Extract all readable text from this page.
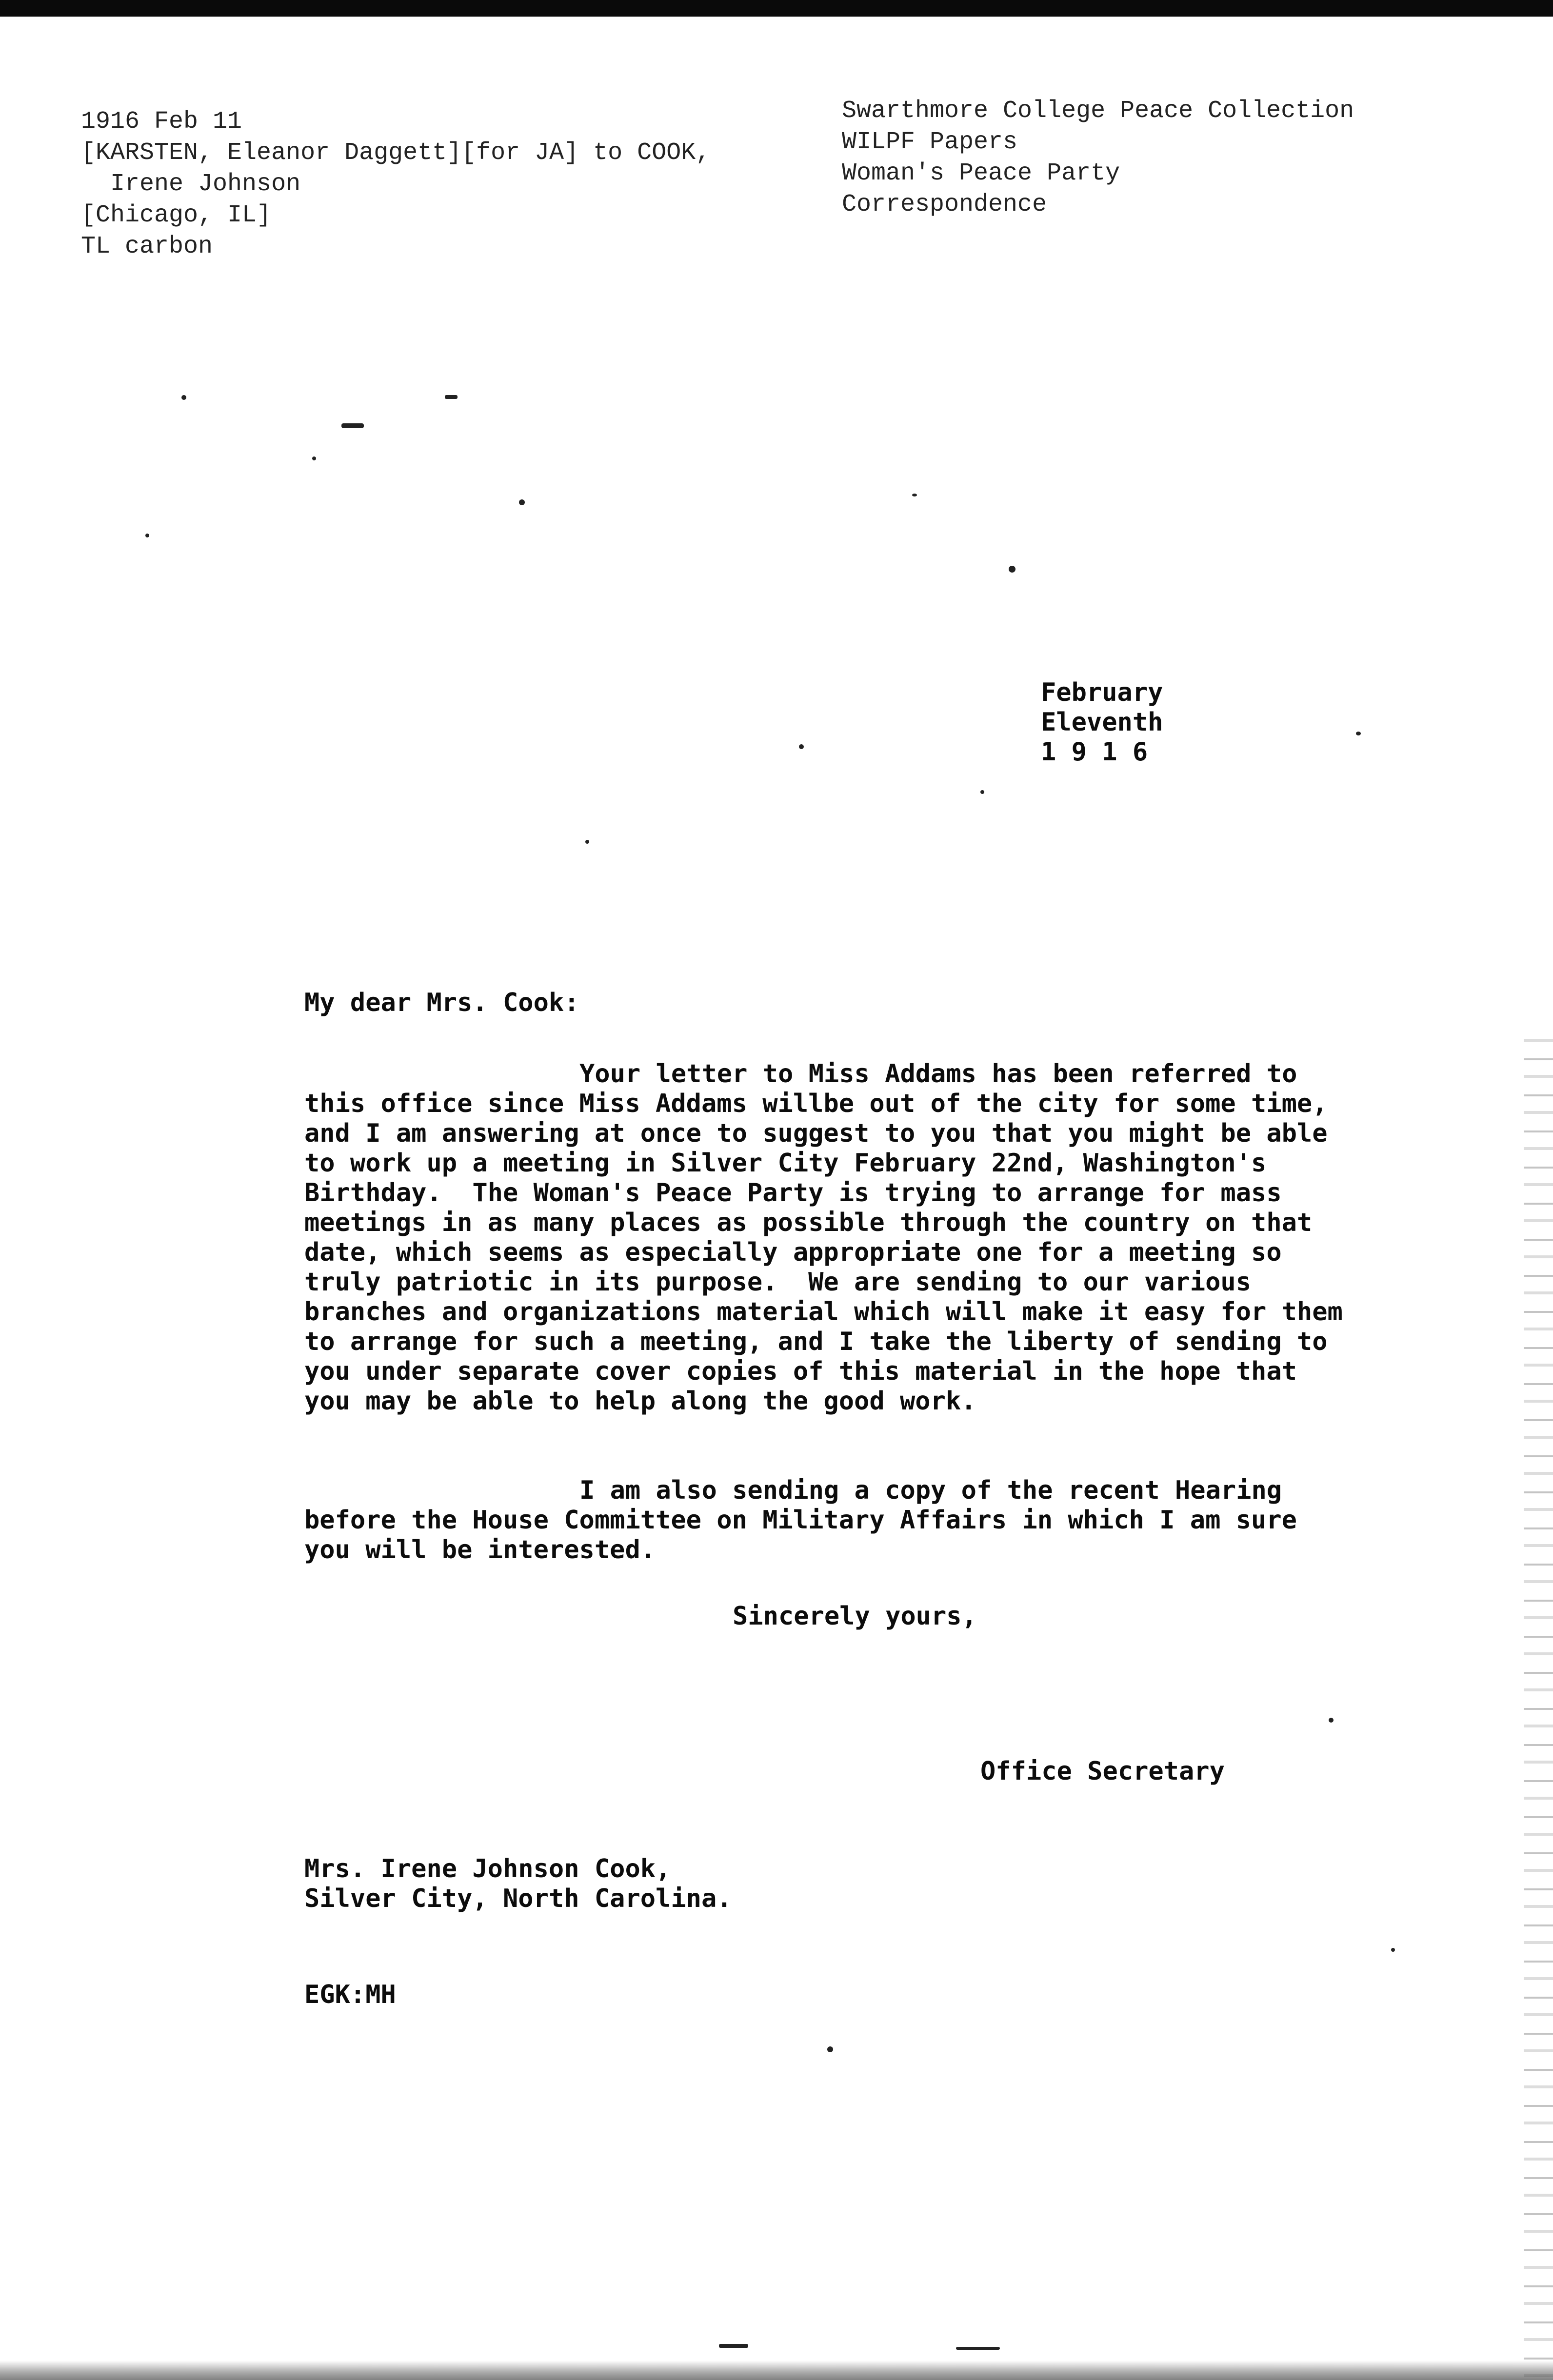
1916 Feb 11
[KARSTEN, Eleanor Daggett][for JA] to COOK,
Irene Johnson
[Chicago, IL]
TL carbon
Swarthmore College Peace Collection
WILPF Papers
Woman's Peace Party
Correspondence
February
Eleventh
1 9 1 6
My dear Mrs. Cook:
Your letter to Miss Addams has been referred to
this office since Miss Addams willbe out of the city for some time,
and I am answering at once to suggest to you that you might be able
to work up a meeting in Silver City February 22nd, Washington's
Birthday.  The Woman's Peace Party is trying to arrange for mass
meetings in as many places as possible through the country on that
date, which seems as especially appropriate one for a meeting so
truly patriotic in its purpose.  We are sending to our various
branches and organizations material which will make it easy for them
to arrange for such a meeting, and I take the liberty of sending to
you under separate cover copies of this material in the hope that
you may be able to help along the good work.
I am also sending a copy of the recent Hearing
before the House Committee on Military Affairs in which I am sure
you will be interested.
Sincerely yours,
Office Secretary
Mrs. Irene Johnson Cook,
Silver City, North Carolina.
EGK:MH
